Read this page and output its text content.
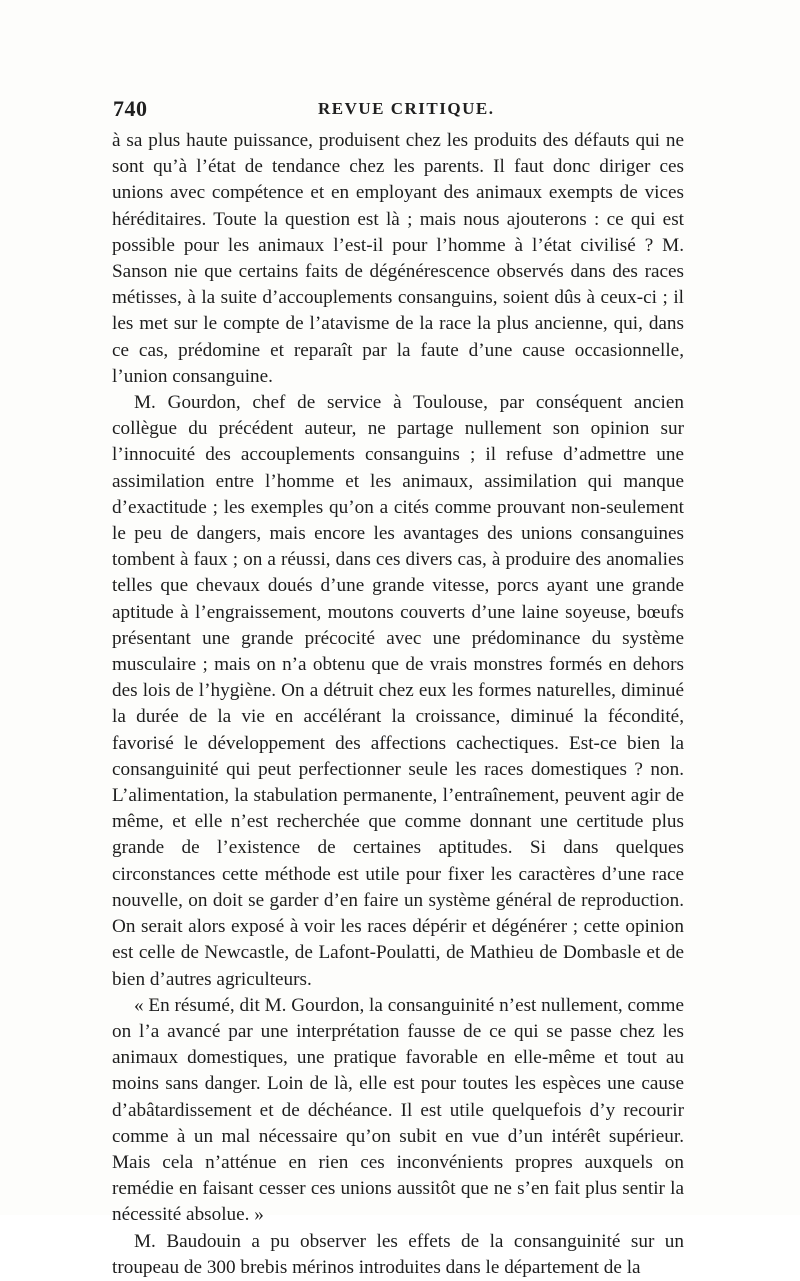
740	REVUE CRITIQUE.

à sa plus haute puissance, produisent chez les produits des défauts qui ne sont qu’à l’état de tendance chez les parents. Il faut donc diriger ces unions avec compétence et en employant des animaux exempts de vices héréditaires. Toute la question est là ; mais nous ajouterons : ce qui est possible pour les animaux l’est-il pour l’homme à l’état civilisé ? M. Sanson nie que certains faits de dégénérescence observés dans des races métisses, à la suite d’accouplements consanguins, soient dûs à ceux-ci ; il les met sur le compte de l’atavisme de la race la plus ancienne, qui, dans ce cas, prédomine et reparaît par la faute d’une cause occasionnelle, l’union consanguine.

M. Gourdon, chef de service à Toulouse, par conséquent ancien collègue du précédent auteur, ne partage nullement son opinion sur l’innocuité des accouplements consanguins ; il refuse d’admettre une assimilation entre l’homme et les animaux, assimilation qui manque d’exactitude ; les exemples qu’on a cités comme prouvant non-seulement le peu de dangers, mais encore les avantages des unions consanguines tombent à faux ; on a réussi, dans ces divers cas, à produire des anomalies telles que chevaux doués d’une grande vitesse, porcs ayant une grande aptitude à l’engraissement, moutons couverts d’une laine soyeuse, bœufs présentant une grande précocité avec une prédominance du système musculaire ; mais on n’a obtenu que de vrais monstres formés en dehors des lois de l’hygiène. On a détruit chez eux les formes naturelles, diminué la durée de la vie en accélérant la croissance, diminué la fécondité, favorisé le développement des affections cachectiques. Est-ce bien la consanguinité qui peut perfectionner seule les races domestiques ? non. L’alimentation, la stabulation permanente, l’entraînement, peuvent agir de même, et elle n’est recherchée que comme donnant une certitude plus grande de l’existence de certaines aptitudes. Si dans quelques circonstances cette méthode est utile pour fixer les caractères d’une race nouvelle, on doit se garder d’en faire un système général de reproduction. On serait alors exposé à voir les races dépérir et dégénérer ; cette opinion est celle de Newcastle, de Lafont-Poulatti, de Mathieu de Dombasle et de bien d’autres agriculteurs.

« En résumé, dit M. Gourdon, la consanguinité n’est nullement, comme on l’a avancé par une interprétation fausse de ce qui se passe chez les animaux domestiques, une pratique favorable en elle-même et tout au moins sans danger. Loin de là, elle est pour toutes les espèces une cause d’abâtardissement et de déchéance. Il est utile quelquefois d’y recourir comme à un mal nécessaire qu’on subit en vue d’un intérêt supérieur. Mais cela n’atténue en rien ces inconvénients propres auxquels on remédie en faisant cesser ces unions aussitôt que ne s’en fait plus sentir la nécessité absolue. »

M. Baudouin a pu observer les effets de la consanguinité sur un troupeau de 300 brebis mérinos introduites dans le département de la
